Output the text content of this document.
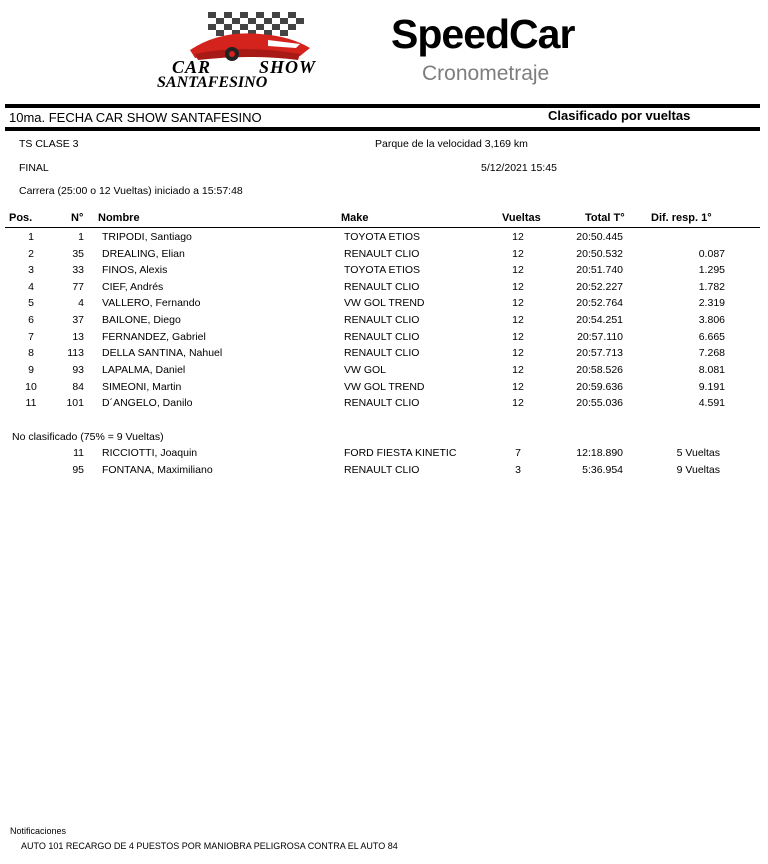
CAR	SHOW
SANTAFESINO
SpeedCar
Cronometraje
10ma. FECHA CAR SHOW SANTAFESINO	Clasificado por vueltas
TS CLASE 3	Parque de la velocidad 3,169 km
FINAL	5/12/2021 15:45
Carrera (25:00 o 12 Vueltas) iniciado a 15:57:48
Pos.	N° Nombre	Make	Vueltas	Total T° Dif. resp. 1°
1	1 TRIPODI, Santiago	TOYOTA ETIOS	12	20:50.445
2	35 DREALING, Elian	RENAULT CLIO	12	20:50.532	0.087
3	33 FINOS, Alexis	TOYOTA ETIOS	12	20:51.740	1.295
4	77 CIEF, Andrés	RENAULT CLIO	12	20:52.227	1.782
5	4 VALLERO, Fernando	VW GOL TREND	12	20:52.764	2.319
6	37 BAILONE, Diego	RENAULT CLIO	12	20:54.251	3.806
7	13 FERNANDEZ, Gabriel	RENAULT CLIO	12	20:57.110	6.665
8	113 DELLA SANTINA, Nahuel	RENAULT CLIO	12	20:57.713	7.268
9	93 LAPALMA, Daniel	VW GOL	12	20:58.526	8.081
10	84 SIMEONI, Martin	VW GOL TREND	12	20:59.636	9.191
11	101 D´ANGELO, Danilo	RENAULT CLIO	12	20:55.036	4.591
No clasificado (75% = 9 Vueltas)
11 RICCIOTTI, Joaquin	FORD FIESTA KINETIC	7	12:18.890	5 Vueltas
95 FONTANA, Maximiliano	RENAULT CLIO	3	5:36.954	9 Vueltas
Notificaciones
AUTO 101 RECARGO DE 4 PUESTOS POR MANIOBRA PELIGROSA CONTRA EL AUTO 84
